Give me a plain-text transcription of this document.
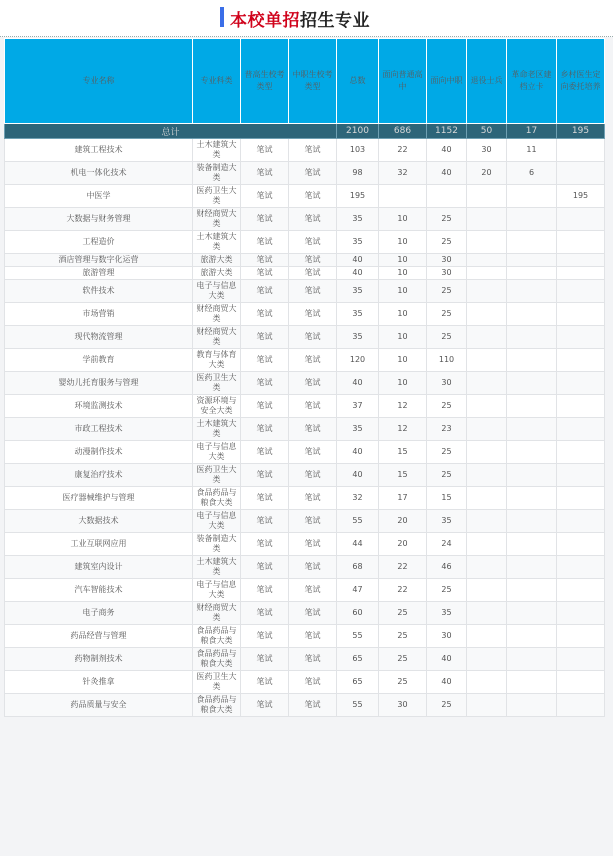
本校单招招生专业
专业名称	专业科类	普高生校考类型	中职生校考类型	总数	面向普通高中	面向中职	退役士兵	革命老区建档立卡	乡村医生定向委托培养
总计				2100	686	1152	50	17	195
建筑工程技术	土木建筑大类	笔试	笔试	103	22	40	30	11	
机电一体化技术	装备制造大类	笔试	笔试	98	32	40	20	6	
中医学	医药卫生大类	笔试	笔试	195					195
大数据与财务管理	财经商贸大类	笔试	笔试	35	10	25			
工程造价	土木建筑大类	笔试	笔试	35	10	25			
酒店管理与数字化运营	旅游大类	笔试	笔试	40	10	30			
旅游管理	旅游大类	笔试	笔试	40	10	30			
软件技术	电子与信息大类	笔试	笔试	35	10	25			
市场营销	财经商贸大类	笔试	笔试	35	10	25			
现代物流管理	财经商贸大类	笔试	笔试	35	10	25			
学前教育	教育与体育大类	笔试	笔试	120	10	110			
婴幼儿托育服务与管理	医药卫生大类	笔试	笔试	40	10	30			
环境监测技术	资源环境与安全大类	笔试	笔试	37	12	25			
市政工程技术	土木建筑大类	笔试	笔试	35	12	23			
动漫制作技术	电子与信息大类	笔试	笔试	40	15	25			
康复治疗技术	医药卫生大类	笔试	笔试	40	15	25			
医疗器械维护与管理	食品药品与粮食大类	笔试	笔试	32	17	15			
大数据技术	电子与信息大类	笔试	笔试	55	20	35			
工业互联网应用	装备制造大类	笔试	笔试	44	20	24			
建筑室内设计	土木建筑大类	笔试	笔试	68	22	46			
汽车智能技术	电子与信息大类	笔试	笔试	47	22	25			
电子商务	财经商贸大类	笔试	笔试	60	25	35			
药品经营与管理	食品药品与粮食大类	笔试	笔试	55	25	30			
药物制剂技术	食品药品与粮食大类	笔试	笔试	65	25	40			
针灸推拿	医药卫生大类	笔试	笔试	65	25	40			
药品质量与安全	食品药品与粮食大类	笔试	笔试	55	30	25			
